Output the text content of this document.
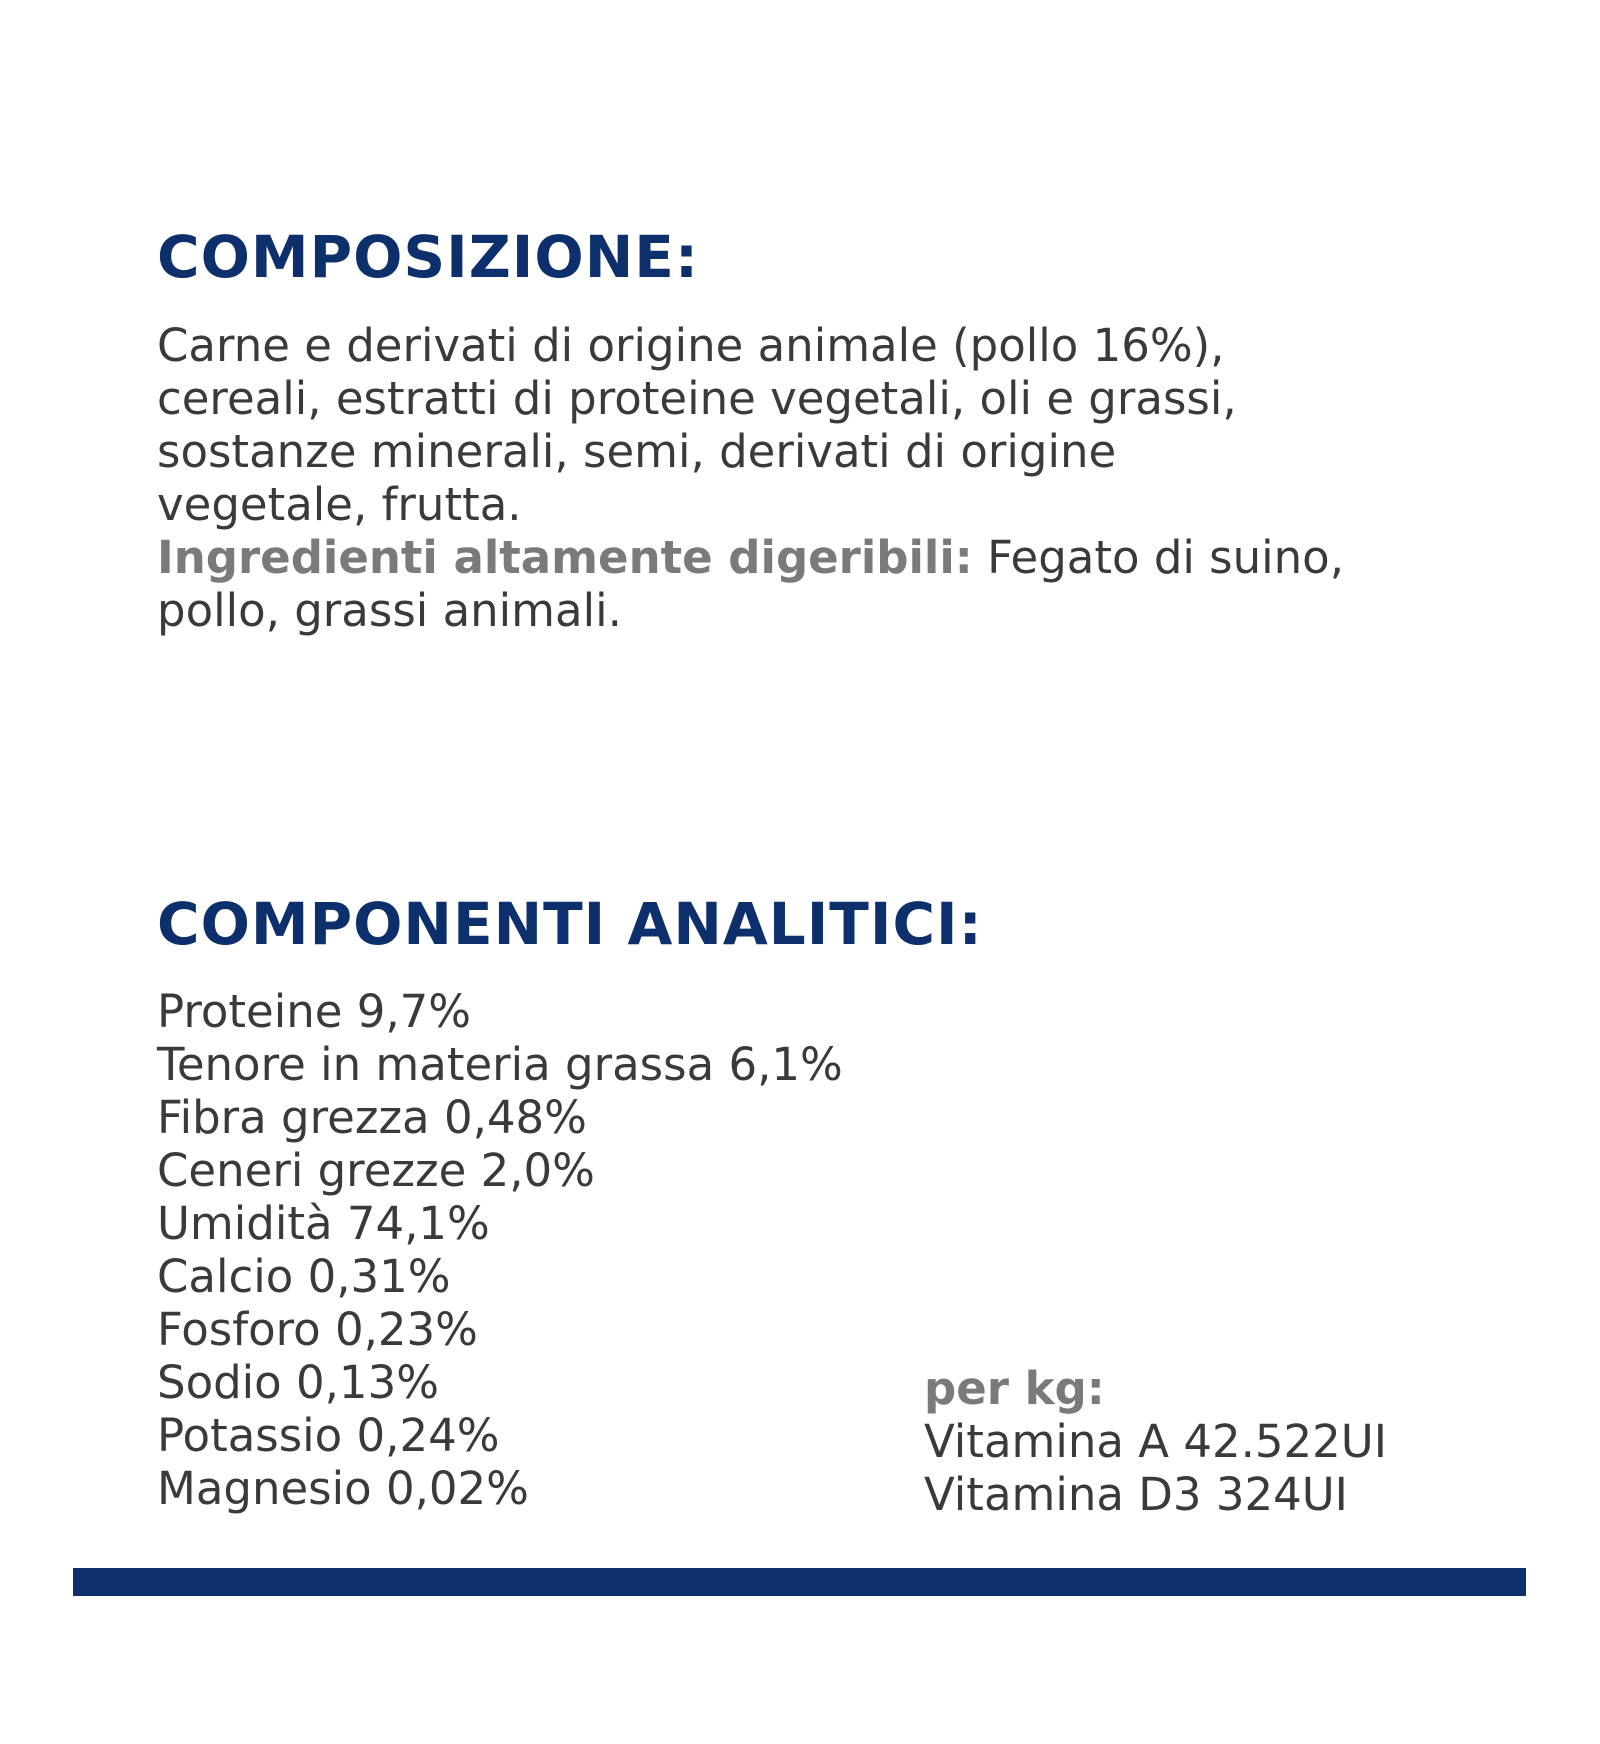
COMPOSIZIONE:
Carne e derivati di origine animale (pollo 16%),
cereali, estratti di proteine vegetali, oli e grassi,
sostanze minerali, semi, derivati di origine
vegetale, frutta.
Ingredienti altamente digeribili: Fegato di suino,
pollo, grassi animali.
COMPONENTI ANALITICI:
Proteine 9,7%
Tenore in materia grassa 6,1%
Fibra grezza 0,48%
Ceneri grezze 2,0%
Umidità 74,1%
Calcio 0,31%
Fosforo 0,23%
Sodio 0,13%
Potassio 0,24%
Magnesio 0,02%
per kg:
Vitamina A 42.522UI
Vitamina D3 324UI
